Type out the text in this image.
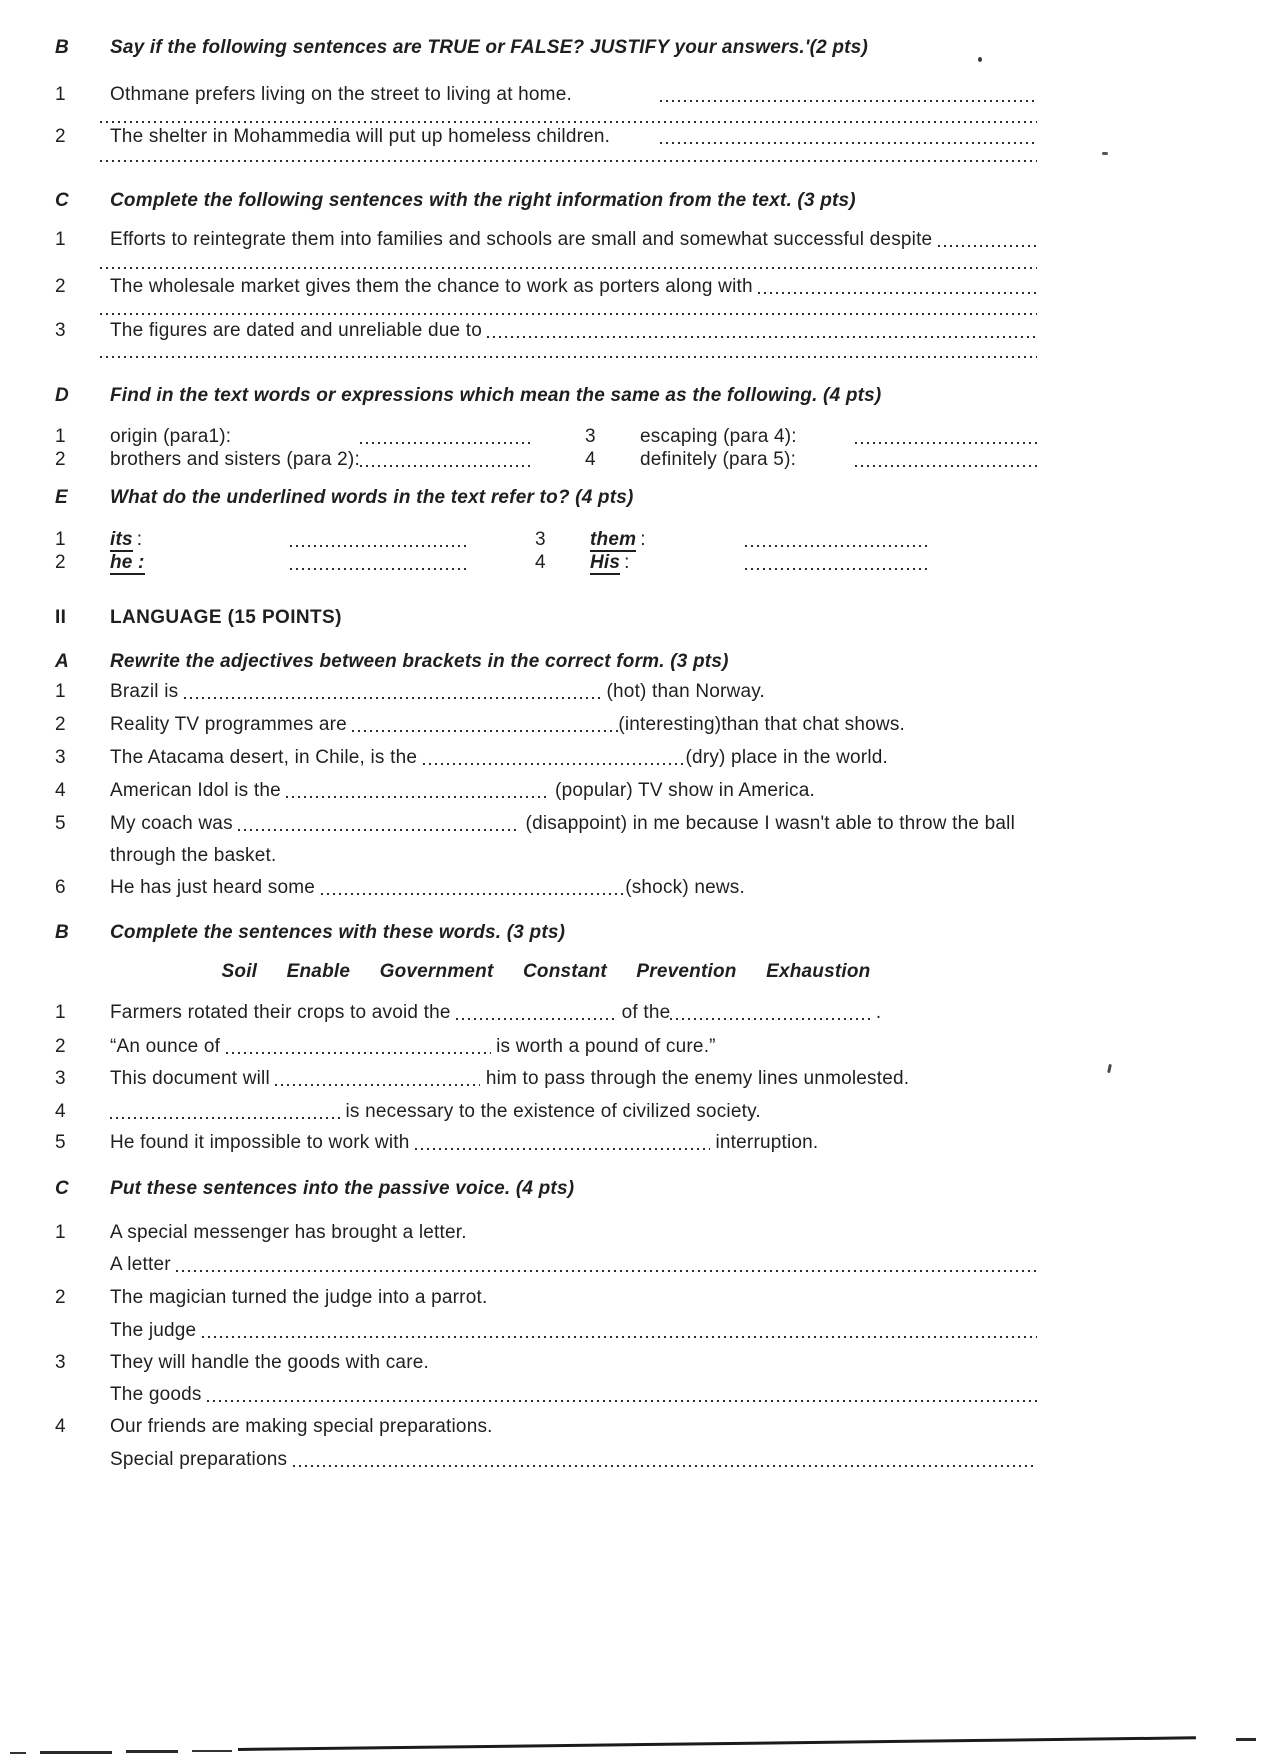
B	Say if the following sentences are TRUE or FALSE? JUSTIFY your answers.'(2 pts)
1	Othmane prefers living on the street to living at home.
2	The shelter in Mohammedia will put up homeless children.
C	Complete the following sentences with the right information from the text. (3 pts)
1	Efforts to reintegrate them into families and schools are small and somewhat successful despite
2	The wholesale market gives them the chance to work as porters along with
3	The figures are dated and unreliable due to
D	Find in the text words or expressions which mean the same as the following. (4 pts)
1	origin (para1):	3	escaping (para 4):
2	brothers and sisters (para 2):	4	definitely (para 5):
E	What do the underlined words in the text refer to? (4 pts)
1	its :	3	them :
2	he :	4	His :
II	LANGUAGE (15 POINTS)
A	Rewrite the adjectives between brackets in the correct form. (3 pts)
1	Brazil is	(hot) than Norway.
2	Reality TV programmes are	(interesting)than that chat shows.
3	The Atacama desert, in Chile, is the	(dry) place in the world.
4	American Idol is the	(popular) TV show in America.
5	My coach was	(disappoint) in me because I wasn't able to throw the ball
through the basket.
6	He has just heard some	(shock) news.
B	Complete the sentences with these words. (3 pts)
Soil Enable Government Constant Prevention Exhaustion
1	Farmers rotated their crops to avoid the	of the	.
2	“An ounce of	is worth a pound of cure.”
3	This document will	him to pass through the enemy lines unmolested.
4	is necessary to the existence of civilized society.
5	He found it impossible to work with	interruption.
C	Put these sentences into the passive voice. (4 pts)
1	A special messenger has brought a letter.
A letter
2	The magician turned the judge into a parrot.
The judge
3	They will handle the goods with care.
The goods
4	Our friends are making special preparations.
Special preparations
